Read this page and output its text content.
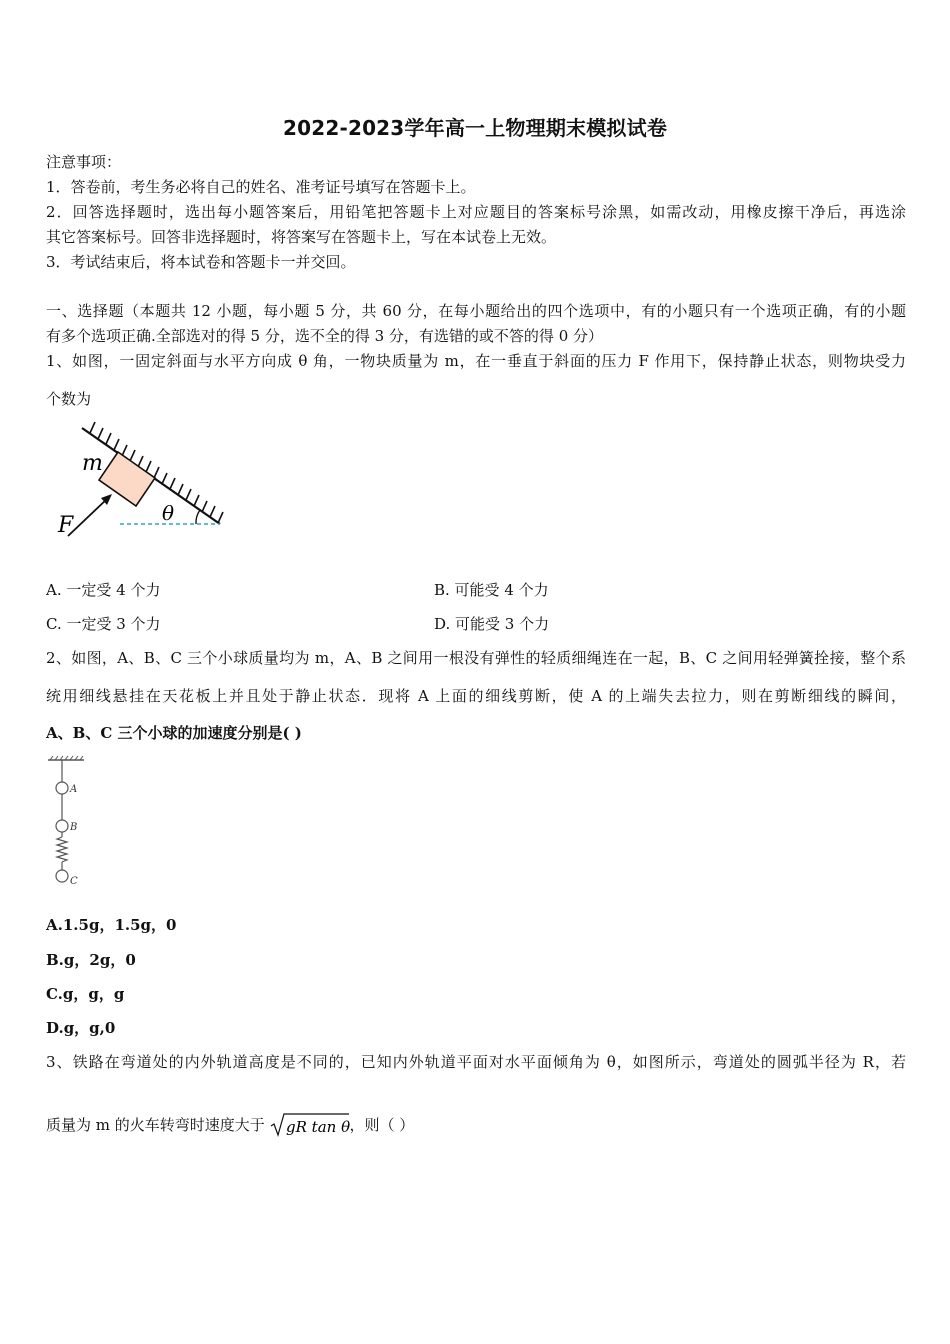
2022-2023学年高一上物理期末模拟试卷
注意事项：
1．答卷前，考生务必将自己的姓名、准考证号填写在答题卡上。
2．回答选择题时，选出每小题答案后，用铅笔把答题卡上对应题目的答案标号涂黑，如需改动，用橡皮擦干净后，再选涂
其它答案标号。回答非选择题时，将答案写在答题卡上，写在本试卷上无效。
3．考试结束后，将本试卷和答题卡一并交回。
一、选择题（本题共 12 小题，每小题 5 分，共 60 分，在每小题给出的四个选项中，有的小题只有一个选项正确，有的小题
有多个选项正确.全部选对的得 5 分，选不全的得 3 分，有选错的或不答的得 0 分）
1、如图，一固定斜面与水平方向成 θ 角，一物块质量为 m，在一垂直于斜面的压力 F 作用下，保持静止状态，则物块受力
个数为
m
F	θ
A. 一定受 4 个力	B. 可能受 4 个力
C. 一定受 3 个力	D. 可能受 3 个力
2、如图，A、B、C 三个小球质量均为 m，A、B 之间用一根没有弹性的轻质细绳连在一起，B、C 之间用轻弹簧拴接，整个系
统用细线悬挂在天花板上并且处于静止状态．现将 A 上面的细线剪断，使 A 的上端失去拉力，则在剪断细线的瞬间，
A、B、C 三个小球的加速度分别是( )
A
B
C
A.1.5g，1.5g，0
B.g，2g，0
C.g，g，g
D.g，g,0
3、铁路在弯道处的内外轨道高度是不同的，已知内外轨道平面对水平面倾角为 θ，如图所示，弯道处的圆弧半径为 R，若
质量为 m 的火车转弯时速度大于 gR tan θ ，则（ ）
